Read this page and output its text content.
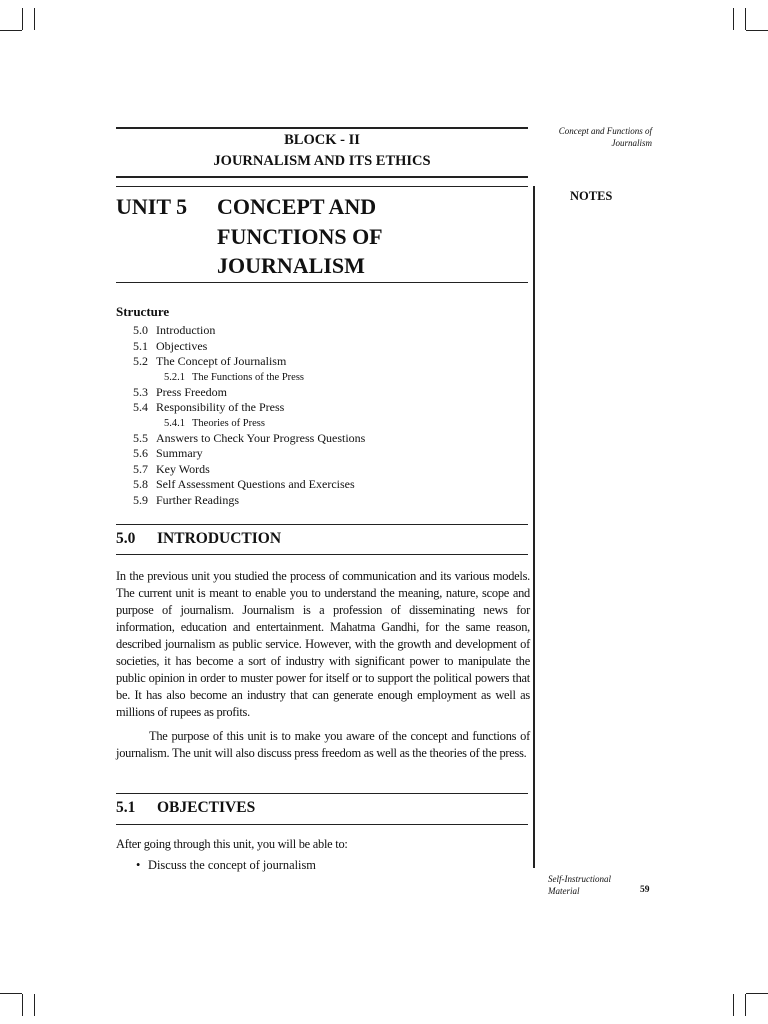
Concept and Functions of Journalism
BLOCK - II
JOURNALISM AND ITS ETHICS
UNIT 5 CONCEPT AND
FUNCTIONS OF
JOURNALISM
Structure
5.0 Introduction
5.1 Objectives
5.2 The Concept of Journalism
5.2.1 The Functions of the Press
5.3 Press Freedom
5.4 Responsibility of the Press
5.4.1 Theories of Press
5.5 Answers to Check Your Progress Questions
5.6 Summary
5.7 Key Words
5.8 Self Assessment Questions and Exercises
5.9 Further Readings
5.0 INTRODUCTION
In the previous unit you studied the process of communication and its various models. The current unit is meant to enable you to understand the meaning, nature, scope and purpose of journalism. Journalism is a profession of disseminating news for information, education and entertainment. Mahatma Gandhi, for the same reason, described journalism as public service. However, with the growth and development of societies, it has become a sort of industry with significant power to manipulate the public opinion in order to muster power for itself or to support the political powers that be. It has also become an industry that can generate enough employment as well as millions of rupees as profits.
The purpose of this unit is to make you aware of the concept and functions of journalism. The unit will also discuss press freedom as well as the theories of the press.
5.1 OBJECTIVES
After going through this unit, you will be able to:
• Discuss the concept of journalism
NOTES
Self-Instructional Material	59
